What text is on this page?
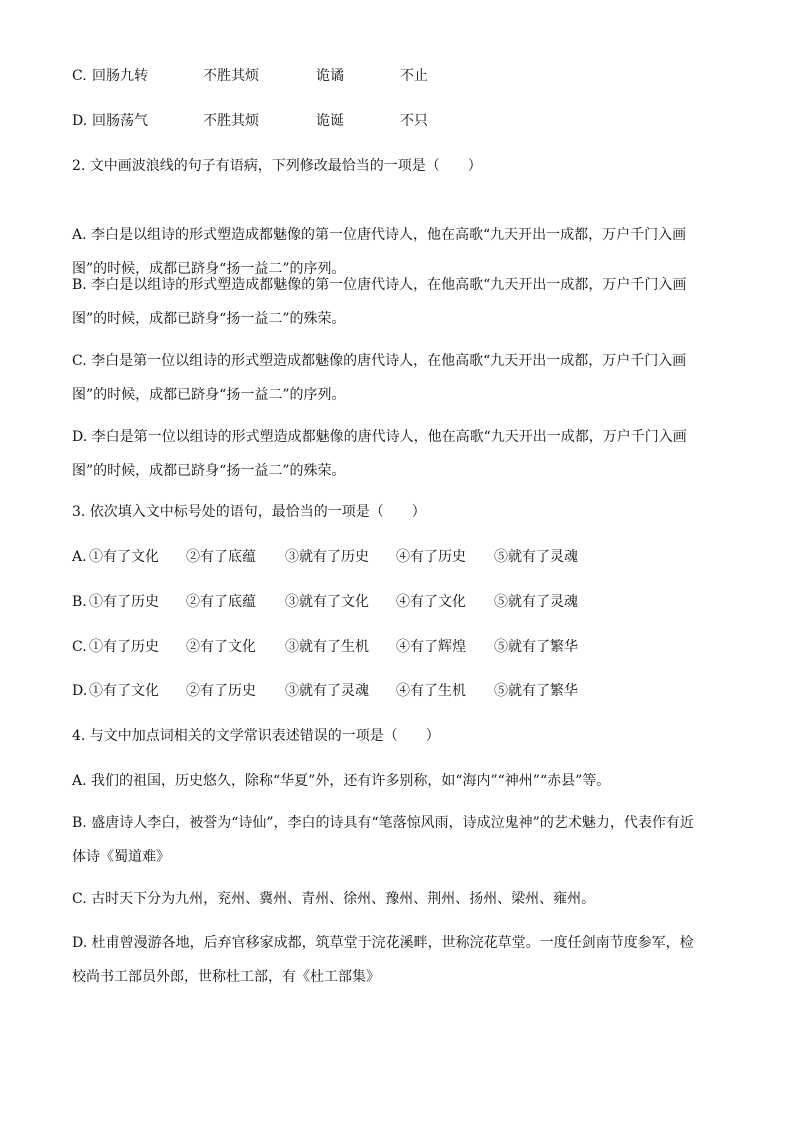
C. 回肠九转	不胜其烦	诡谲	不止
D. 回肠荡气	不胜其烦	诡诞	不只
2. 文中画波浪线的句子有语病，下列修改最恰当的一项是（　　）
A. 李白是以组诗的形式塑造成都魅像的第一位唐代诗人，他在高歌“九天开出一成都，万户千门入画图”的时候，成都已跻身“扬一益二”的序列。
B. 李白是以组诗的形式塑造成都魅像的第一位唐代诗人，在他高歌“九天开出一成都，万户千门入画图”的时候，成都已跻身“扬一益二”的殊荣。
C. 李白是第一位以组诗的形式塑造成都魅像的唐代诗人，在他高歌“九天开出一成都，万户千门入画图”的时候，成都已跻身“扬一益二”的序列。
D. 李白是第一位以组诗的形式塑造成都魅像的唐代诗人，他在高歌“九天开出一成都，万户千门入画图”的时候，成都已跻身“扬一益二”的殊荣。
3. 依次填入文中标号处的语句，最恰当的一项是（　　）
A. ①有了文化 ②有了底蕴 ③就有了历史 ④有了历史 ⑤就有了灵魂
B. ①有了历史 ②有了底蕴 ③就有了文化 ④有了文化 ⑤就有了灵魂
C. ①有了历史 ②有了文化 ③就有了生机 ④有了辉煌 ⑤就有了繁华
D. ①有了文化 ②有了历史 ③就有了灵魂 ④有了生机 ⑤就有了繁华
4. 与文中加点词相关的文学常识表述错误的一项是（　　）
A. 我们的祖国，历史悠久，除称“华夏”外，还有许多别称，如“海内”“神州”“赤县”等。
B. 盛唐诗人李白，被誉为“诗仙”，李白的诗具有“笔落惊风雨，诗成泣鬼神”的艺术魅力，代表作有近体诗《蜀道难》
C. 古时天下分为九州，兖州、冀州、青州、徐州、豫州、荆州、扬州、梁州、雍州。
D. 杜甫曾漫游各地，后弃官移家成都，筑草堂于浣花溪畔，世称浣花草堂。一度任剑南节度参军，检校尚书工部员外郎，世称杜工部，有《杜工部集》
